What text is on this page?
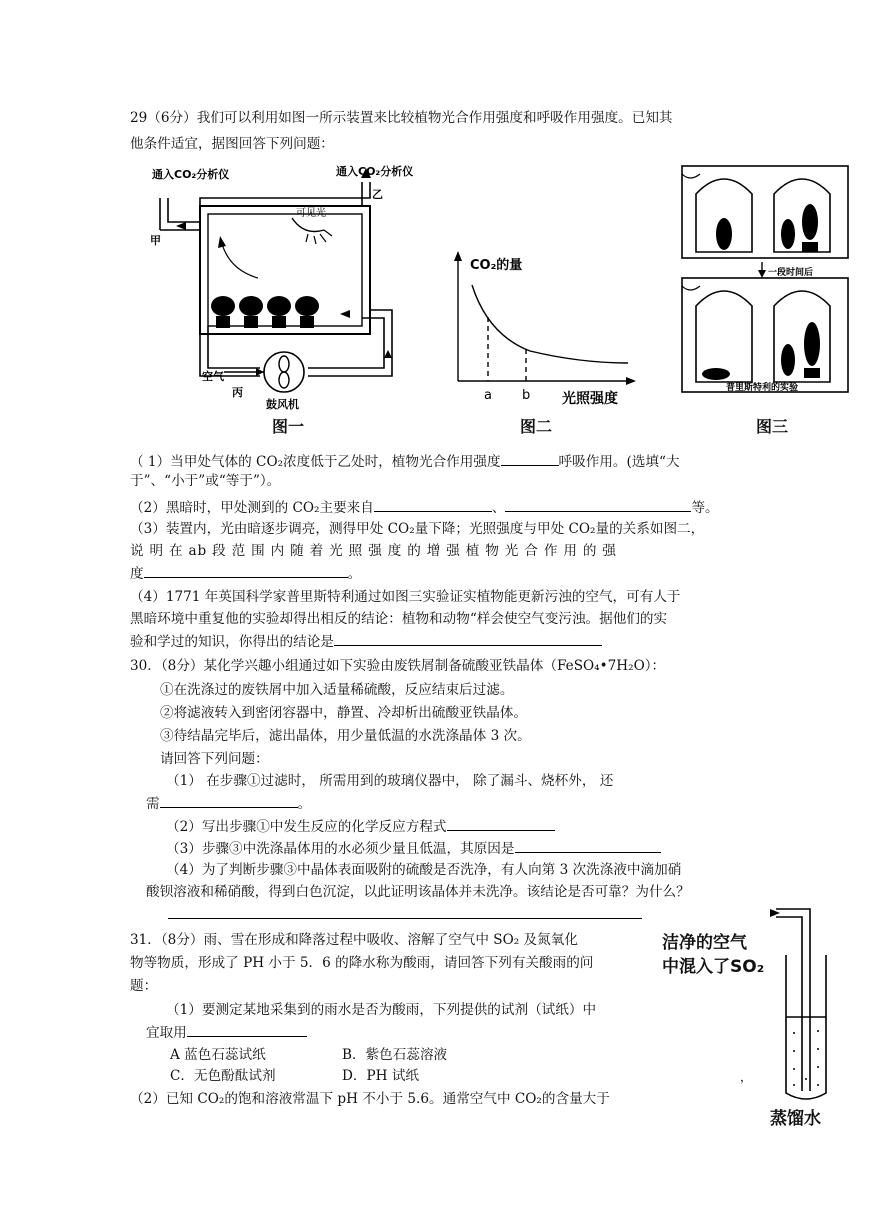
29（6分）我们可以利用如图一所示装置来比较植物光合作用强度和呼吸作用强度。已知其
他条件适宜，据图回答下列问题：
通入CO₂分析仪	通入CO₂分析仪
甲
乙
可见光
空气
丙
鼓风机
图一
CO₂的量
a b 光照强度
图二
一段时间后
普里斯特利的实验
图三
（ 1）当甲处气体的 CO₂浓度低于乙处时，植物光合作用强度	呼吸作用。(选填“大
于”、“小于”或“等于”）。
（2）黑暗时，甲处测到的 CO₂主要来自	、	等。
（3）装置内，光由暗逐步调亮，测得甲处 CO₂量下降；光照强度与甲处 CO₂量的关系如图二，
说 明 在 ab 段 范 围 内 随 着 光 照 强 度 的 增 强 植 物 光 合 作 用 的 强
度	。
（4）1771 年英国科学家普里斯特利通过如图三实验证实植物能更新污浊的空气，可有人于
黑暗环境中重复他的实验却得出相反的结论：植物和动物“样会使空气变污浊。据他们的实
验和学过的知识，你得出的结论是
30．（8分）某化学兴趣小组通过如下实验由废铁屑制备硫酸亚铁晶体（FeSO₄•7H₂O）：
①在洗涤过的废铁屑中加入适量稀硫酸，反应结束后过滤。
②将滤液转入到密闭容器中，静置、冷却析出硫酸亚铁晶体。
③待结晶完毕后，滤出晶体，用少量低温的水洗涤晶体 3 次。
请回答下列问题：
（1） 在步骤①过滤时， 所需用到的玻璃仪器中， 除了漏斗、烧杯外， 还
需	。
（2）写出步骤①中发生反应的化学反应方程式
（3）步骤③中洗涤晶体用的水必须少量且低温，其原因是
（4）为了判断步骤③中晶体表面吸附的硫酸是否洗净，有人向第 3 次洗涤液中滴加硝
酸钡溶液和稀硝酸，得到白色沉淀，以此证明该晶体并未洗净。该结论是否可靠？为什么？
31．（8分）雨、雪在形成和降落过程中吸收、溶解了空气中 SO₂ 及氮氧化
物等物质，形成了 PH 小于 5．6 的降水称为酸雨，请回答下列有关酸雨的问
题：
（1）要测定某地采集到的雨水是否为酸雨，下列提供的试剂（试纸）中
宜取用
A 蓝色石蕊试纸	B．紫色石蕊溶液
C．无色酚酞试剂	D．PH 试纸
（2）已知 CO₂的饱和溶液常温下 pH 不小于 5.6。通常空气中 CO₂的含量大于
洁净的空气
中混入了SO₂
，
蒸馏水
